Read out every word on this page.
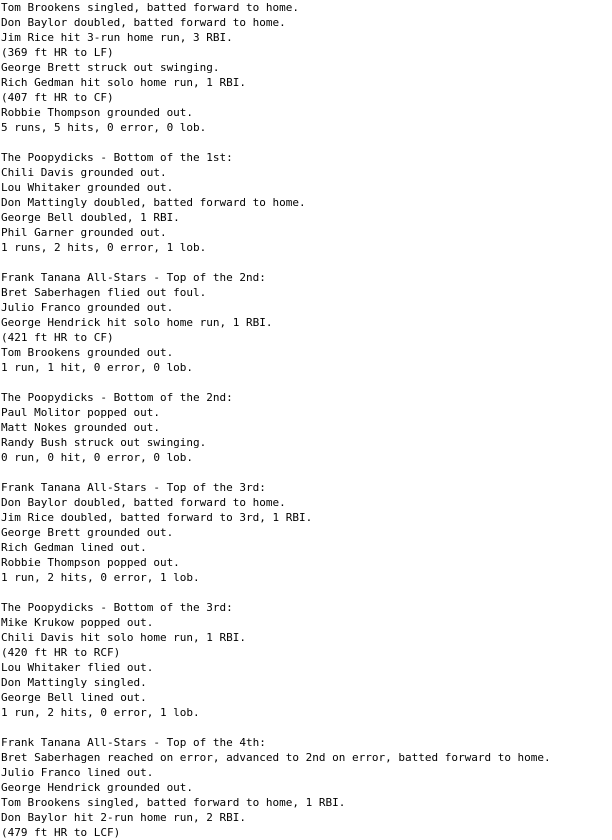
Tom Brookens singled, batted forward to home.
Don Baylor doubled, batted forward to home.
Jim Rice hit 3-run home run, 3 RBI.
(369 ft HR to LF)
George Brett struck out swinging.
Rich Gedman hit solo home run, 1 RBI.
(407 ft HR to CF)
Robbie Thompson grounded out.
5 runs, 5 hits, 0 error, 0 lob.
The Poopydicks - Bottom of the 1st:
Chili Davis grounded out.
Lou Whitaker grounded out.
Don Mattingly doubled, batted forward to home.
George Bell doubled, 1 RBI.
Phil Garner grounded out.
1 runs, 2 hits, 0 error, 1 lob.
Frank Tanana All-Stars - Top of the 2nd:
Bret Saberhagen flied out foul.
Julio Franco grounded out.
George Hendrick hit solo home run, 1 RBI.
(421 ft HR to CF)
Tom Brookens grounded out.
1 run, 1 hit, 0 error, 0 lob.
The Poopydicks - Bottom of the 2nd:
Paul Molitor popped out.
Matt Nokes grounded out.
Randy Bush struck out swinging.
0 run, 0 hit, 0 error, 0 lob.
Frank Tanana All-Stars - Top of the 3rd:
Don Baylor doubled, batted forward to home.
Jim Rice doubled, batted forward to 3rd, 1 RBI.
George Brett grounded out.
Rich Gedman lined out.
Robbie Thompson popped out.
1 run, 2 hits, 0 error, 1 lob.
The Poopydicks - Bottom of the 3rd:
Mike Krukow popped out.
Chili Davis hit solo home run, 1 RBI.
(420 ft HR to RCF)
Lou Whitaker flied out.
Don Mattingly singled.
George Bell lined out.
1 run, 2 hits, 0 error, 1 lob.
Frank Tanana All-Stars - Top of the 4th:
Bret Saberhagen reached on error, advanced to 2nd on error, batted forward to home.
Julio Franco lined out.
George Hendrick grounded out.
Tom Brookens singled, batted forward to home, 1 RBI.
Don Baylor hit 2-run home run, 2 RBI.
(479 ft HR to LCF)
